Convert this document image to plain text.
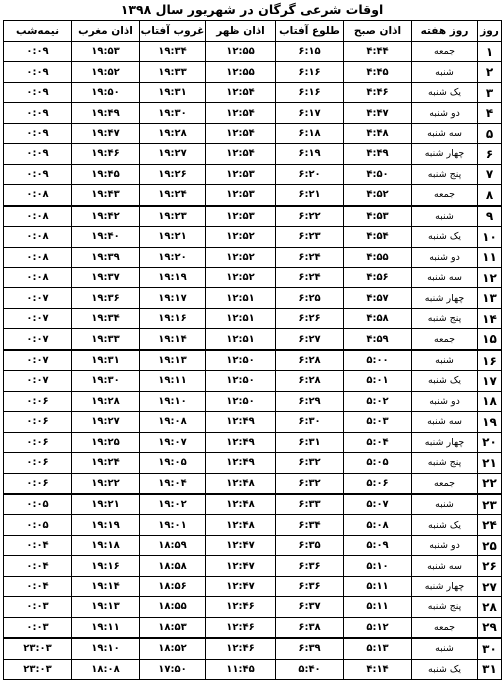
اوقات شرعی گرگان در شهریور سال ۱۳۹۸
روز	روز هفته	اذان صبح	طلوع آفتاب	اذان ظهر	غروب آفتاب	اذان مغرب	نیمه‌شب
۱	جمعه	۴:۴۴	۶:۱۵	۱۲:۵۵	۱۹:۳۴	۱۹:۵۳	۰:۰۹
۲	شنبه	۴:۴۵	۶:۱۶	۱۲:۵۵	۱۹:۳۳	۱۹:۵۲	۰:۰۹
۳	یک شنبه	۴:۴۶	۶:۱۶	۱۲:۵۴	۱۹:۳۱	۱۹:۵۰	۰:۰۹
۴	دو شنبه	۴:۴۷	۶:۱۷	۱۲:۵۴	۱۹:۳۰	۱۹:۴۹	۰:۰۹
۵	سه شنبه	۴:۴۸	۶:۱۸	۱۲:۵۴	۱۹:۲۸	۱۹:۴۷	۰:۰۹
۶	چهار شنبه	۴:۴۹	۶:۱۹	۱۲:۵۴	۱۹:۲۷	۱۹:۴۶	۰:۰۹
۷	پنج شنبه	۴:۵۰	۶:۲۰	۱۲:۵۳	۱۹:۲۶	۱۹:۴۵	۰:۰۹
۸	جمعه	۴:۵۲	۶:۲۱	۱۲:۵۳	۱۹:۲۴	۱۹:۴۳	۰:۰۸
۹	شنبه	۴:۵۳	۶:۲۲	۱۲:۵۳	۱۹:۲۳	۱۹:۴۲	۰:۰۸
۱۰	یک شنبه	۴:۵۴	۶:۲۳	۱۲:۵۲	۱۹:۲۱	۱۹:۴۰	۰:۰۸
۱۱	دو شنبه	۴:۵۵	۶:۲۴	۱۲:۵۲	۱۹:۲۰	۱۹:۳۹	۰:۰۸
۱۲	سه شنبه	۴:۵۶	۶:۲۴	۱۲:۵۲	۱۹:۱۹	۱۹:۳۷	۰:۰۸
۱۳	چهار شنبه	۴:۵۷	۶:۲۵	۱۲:۵۱	۱۹:۱۷	۱۹:۳۶	۰:۰۷
۱۴	پنج شنبه	۴:۵۸	۶:۲۶	۱۲:۵۱	۱۹:۱۶	۱۹:۳۴	۰:۰۷
۱۵	جمعه	۴:۵۹	۶:۲۷	۱۲:۵۱	۱۹:۱۴	۱۹:۳۳	۰:۰۷
۱۶	شنبه	۵:۰۰	۶:۲۸	۱۲:۵۰	۱۹:۱۳	۱۹:۳۱	۰:۰۷
۱۷	یک شنبه	۵:۰۱	۶:۲۸	۱۲:۵۰	۱۹:۱۱	۱۹:۳۰	۰:۰۷
۱۸	دو شنبه	۵:۰۲	۶:۲۹	۱۲:۵۰	۱۹:۱۰	۱۹:۲۸	۰:۰۶
۱۹	سه شنبه	۵:۰۳	۶:۳۰	۱۲:۴۹	۱۹:۰۸	۱۹:۲۷	۰:۰۶
۲۰	چهار شنبه	۵:۰۴	۶:۳۱	۱۲:۴۹	۱۹:۰۷	۱۹:۲۵	۰:۰۶
۲۱	پنج شنبه	۵:۰۵	۶:۳۲	۱۲:۴۹	۱۹:۰۵	۱۹:۲۴	۰:۰۶
۲۲	جمعه	۵:۰۶	۶:۳۲	۱۲:۴۸	۱۹:۰۴	۱۹:۲۲	۰:۰۶
۲۳	شنبه	۵:۰۷	۶:۳۳	۱۲:۴۸	۱۹:۰۲	۱۹:۲۱	۰:۰۵
۲۴	یک شنبه	۵:۰۸	۶:۳۴	۱۲:۴۸	۱۹:۰۱	۱۹:۱۹	۰:۰۵
۲۵	دو شنبه	۵:۰۹	۶:۳۵	۱۲:۴۷	۱۸:۵۹	۱۹:۱۸	۰:۰۴
۲۶	سه شنبه	۵:۱۰	۶:۳۶	۱۲:۴۷	۱۸:۵۸	۱۹:۱۶	۰:۰۴
۲۷	چهار شنبه	۵:۱۱	۶:۳۶	۱۲:۴۷	۱۸:۵۶	۱۹:۱۴	۰:۰۴
۲۸	پنج شنبه	۵:۱۱	۶:۳۷	۱۲:۴۶	۱۸:۵۵	۱۹:۱۳	۰:۰۳
۲۹	جمعه	۵:۱۲	۶:۳۸	۱۲:۴۶	۱۸:۵۳	۱۹:۱۱	۰:۰۳
۳۰	شنبه	۵:۱۳	۶:۳۹	۱۲:۴۶	۱۸:۵۲	۱۹:۱۰	۲۳:۰۳
۳۱	یک شنبه	۴:۱۴	۵:۴۰	۱۱:۴۵	۱۷:۵۰	۱۸:۰۸	۲۳:۰۳
